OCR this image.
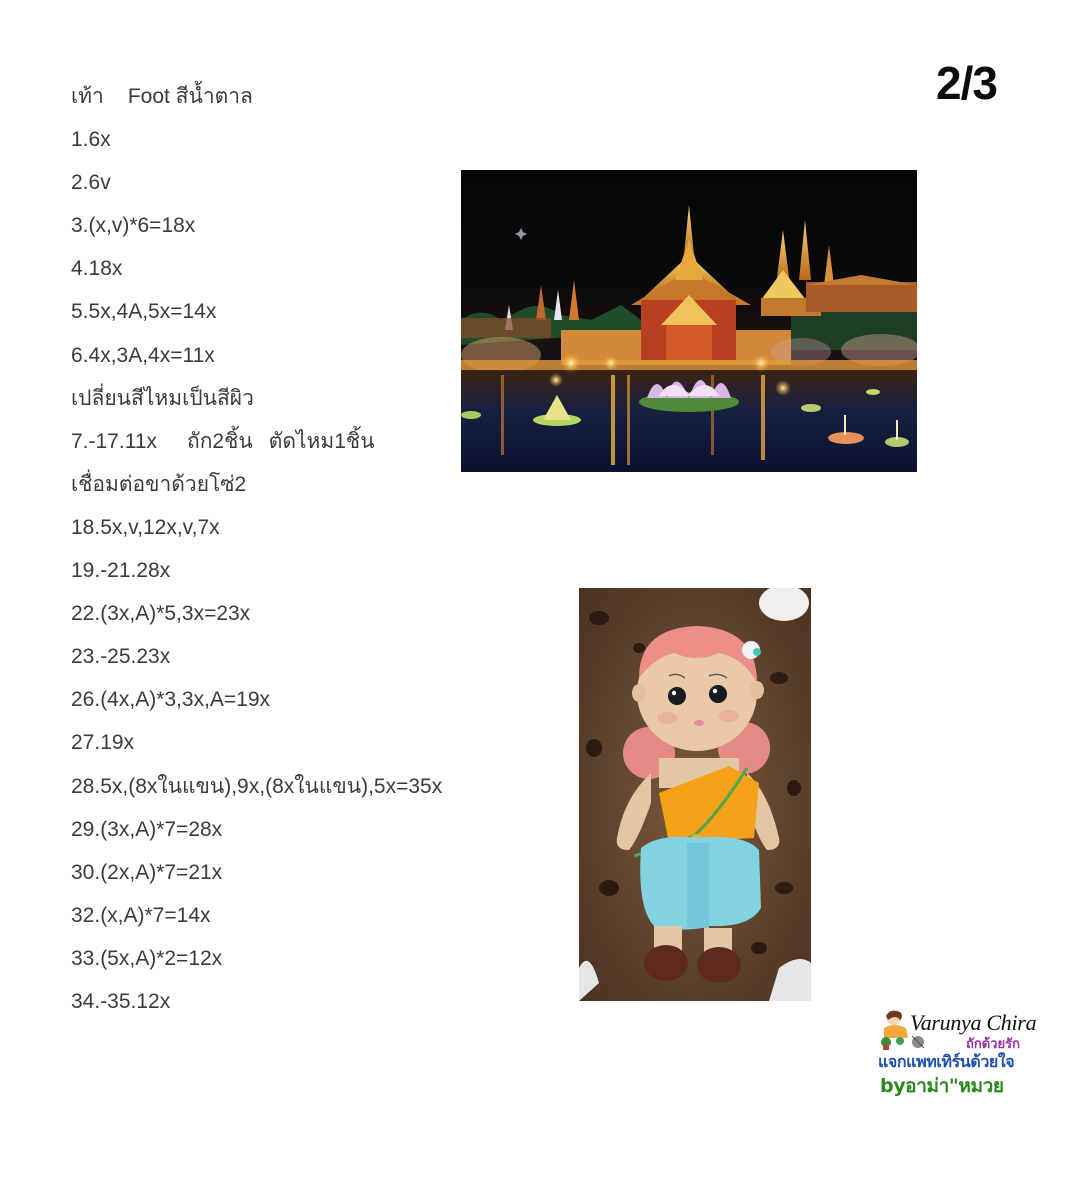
2/3
เท้า Foot สีน้ำตาล
1.6x
2.6v
3.(x,v)*6=18x
4.18x
5.5x,4A,5x=14x
6.4x,3A,4x=11x
เปลี่ยนสีไหมเป็นสีผิว
7.-17.11x ถัก2ชิ้น ตัดไหม1ชิ้น
เชื่อมต่อขาด้วยโซ่2
18.5x,v,12x,v,7x
19.-21.28x
22.(3x,A)*5,3x=23x
23.-25.23x
26.(4x,A)*3,3x,A=19x
27.19x
28.5x,(8xในแขน),9x,(8xในแขน),5x=35x
29.(3x,A)*7=28x
30.(2x,A)*7=21x
32.(x,A)*7=14x
33.(5x,A)*2=12x
34.-35.12x
Varunya Chira
ถักด้วยรัก
แจกแพทเทิร์นด้วยใจ
byอาม่า"หมวย
